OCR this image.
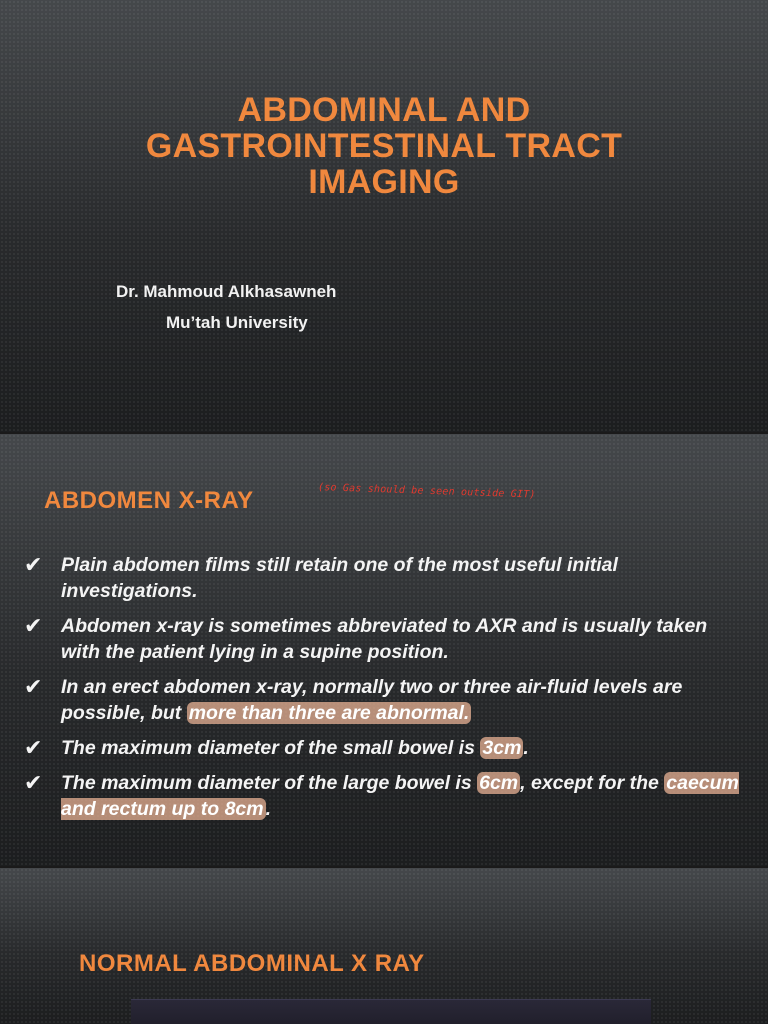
ABDOMINAL AND
GASTROINTESTINAL TRACT
IMAGING
Dr. Mahmoud Alkhasawneh
Mu’tah University
ABDOMEN X-RAY	(so Gas should be seen outside GIT)
✔ Plain abdomen films still retain one of the most useful initial investigations.
✔ Abdomen x-ray is sometimes abbreviated to AXR and is usually taken with the patient lying in a supine position.
✔ In an erect abdomen x-ray, normally two or three air-fluid levels are possible, but more than three are abnormal.
✔ The maximum diameter of the small bowel is 3cm .
✔ The maximum diameter of the large bowel is 6cm , except for the caecum and rectum up to 8cm .
NORMAL ABDOMINAL X RAY
